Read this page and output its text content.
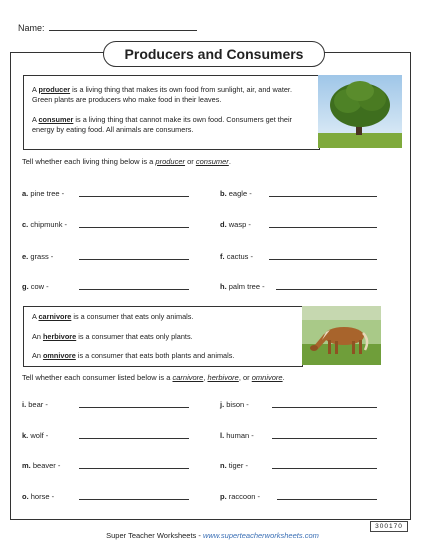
Name:
Producers and Consumers

A producer is a living thing that makes its own food from sunlight, air, and water. Green plants are producers who make food in their leaves.

A consumer is a living thing that cannot make its own food. Consumers get their energy by eating food. All animals are consumers.

Tell whether each living thing below is a producer or consumer.
a. pine tree -	b. eagle -
c. chipmunk -	d. wasp -
e. grass -	f. cactus -
g. cow -	h. palm tree -

A carnivore is a consumer that eats only animals.

An herbivore is a consumer that eats only plants.

An omnivore is a consumer that eats both plants and animals.

Tell whether each consumer listed below is a carnivore, herbivore, or omnivore.
i. bear -	j. bison -
k. wolf -	l. human -
m. beaver -	n. tiger -
o. horse -	p. raccoon -
300170
Super Teacher Worksheets - www.superteacherworksheets.com
